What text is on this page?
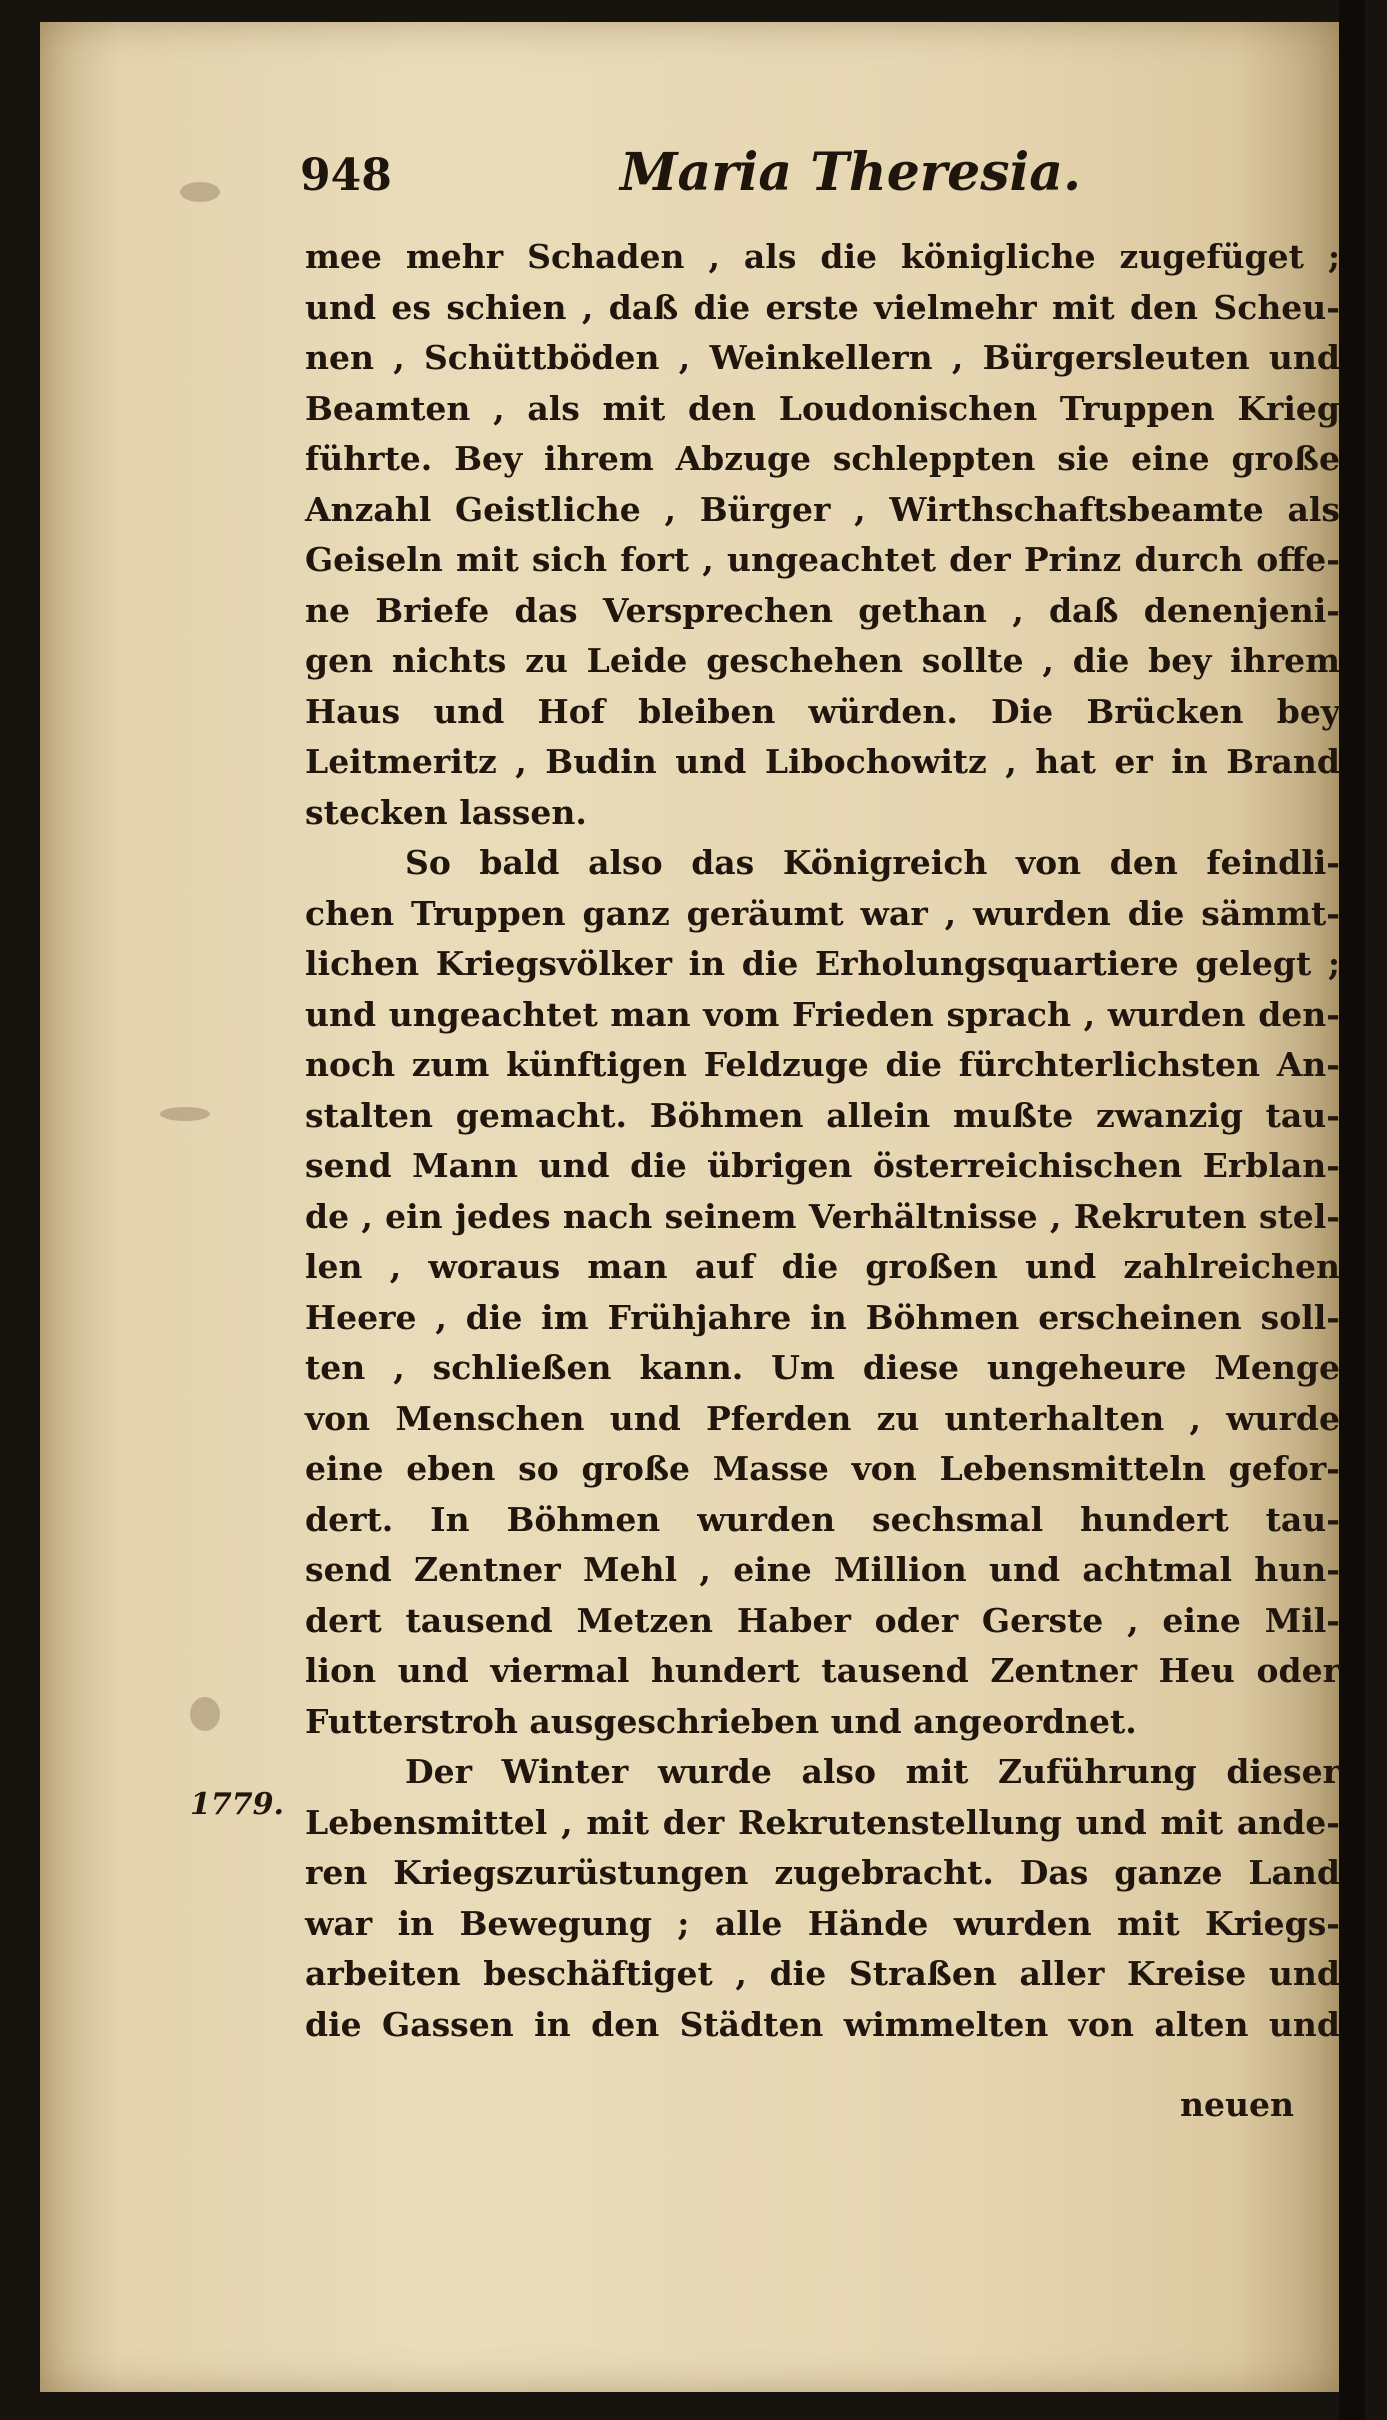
948	Maria Theresia.
1779.
mee mehr Schaden , als die königliche zugefüget ;
und es schien , daß die erste vielmehr mit den Scheu-
nen , Schüttböden , Weinkellern , Bürgersleuten und
Beamten , als mit den Loudonischen Truppen Krieg
führte. Bey ihrem Abzuge schleppten sie eine große
Anzahl Geistliche , Bürger , Wirthschaftsbeamte als
Geiseln mit sich fort , ungeachtet der Prinz durch offe-
ne Briefe das Versprechen gethan , daß denenjeni-
gen nichts zu Leide geschehen sollte , die bey ihrem
Haus und Hof bleiben würden. Die Brücken bey
Leitmeritz , Budin und Libochowitz , hat er in Brand
stecken lassen.
So bald also das Königreich von den feindli-
chen Truppen ganz geräumt war , wurden die sämmt-
lichen Kriegsvölker in die Erholungsquartiere gelegt ;
und ungeachtet man vom Frieden sprach , wurden den-
noch zum künftigen Feldzuge die fürchterlichsten An-
stalten gemacht. Böhmen allein mußte zwanzig tau-
send Mann und die übrigen österreichischen Erblan-
de , ein jedes nach seinem Verhältnisse , Rekruten stel-
len , woraus man auf die großen und zahlreichen
Heere , die im Frühjahre in Böhmen erscheinen soll-
ten , schließen kann. Um diese ungeheure Menge
von Menschen und Pferden zu unterhalten , wurde
eine eben so große Masse von Lebensmitteln gefor-
dert. In Böhmen wurden sechsmal hundert tau-
send Zentner Mehl , eine Million und achtmal hun-
dert tausend Metzen Haber oder Gerste , eine Mil-
lion und viermal hundert tausend Zentner Heu oder
Futterstroh ausgeschrieben und angeordnet.
Der Winter wurde also mit Zuführung dieser
Lebensmittel , mit der Rekrutenstellung und mit ande-
ren Kriegszurüstungen zugebracht. Das ganze Land
war in Bewegung ; alle Hände wurden mit Kriegs-
arbeiten beschäftiget , die Straßen aller Kreise und
die Gassen in den Städten wimmelten von alten und
neuen
